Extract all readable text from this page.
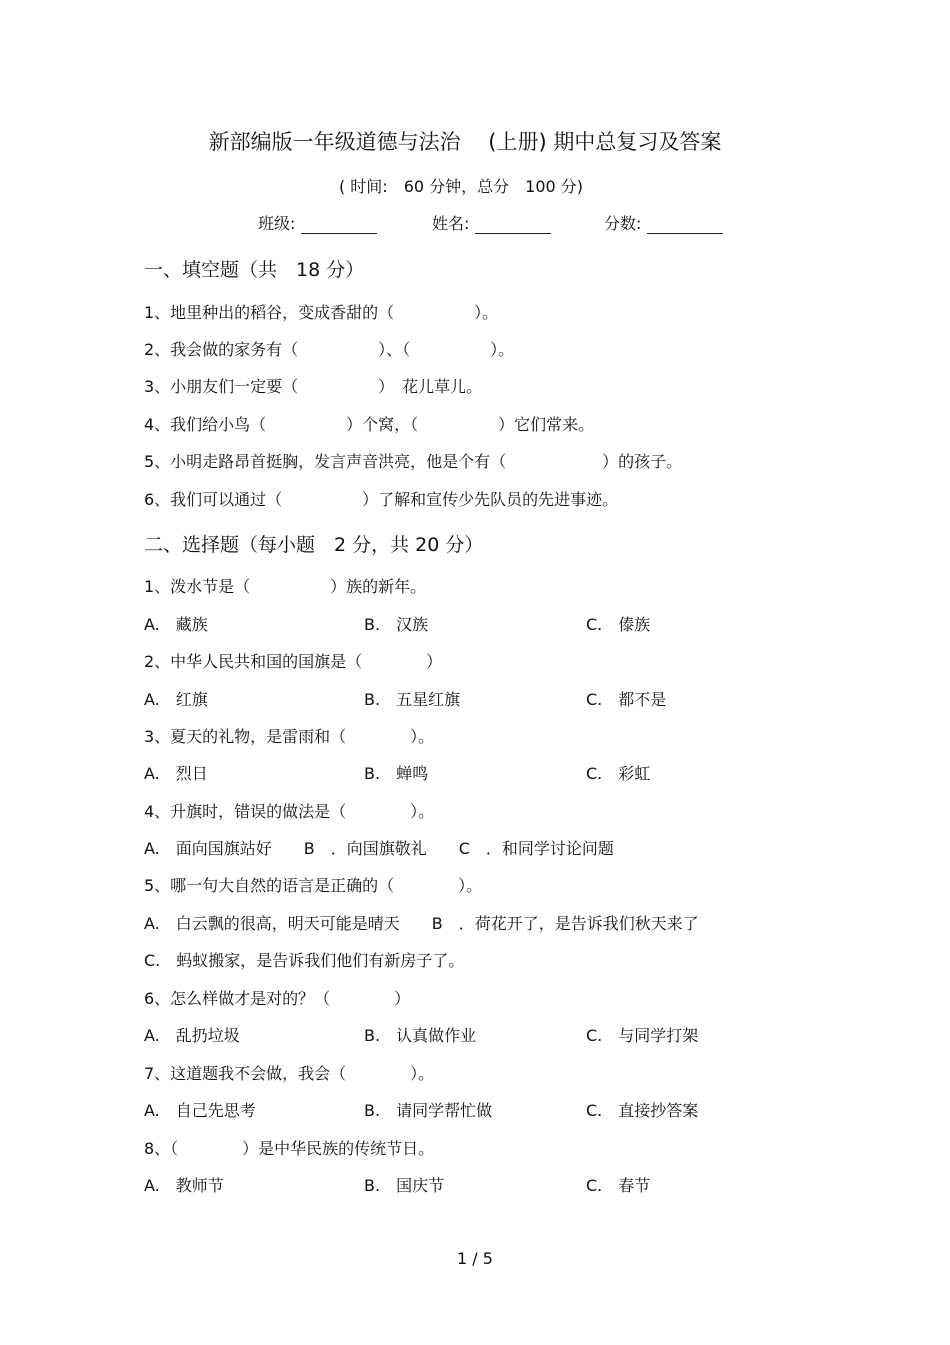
新部编版一年级道德与法治　 (上册) 期中总复习及答案
( 时间:　60 分钟，总分　100 分)
班级:	姓名:	分数:
一、填空题（共　18 分）
1、地里种出的稻谷，变成香甜的（　　　　　）。
2、我会做的家务有（　　　　　）、（　　　　　）。
3、小朋友们一定要（　　　　　）　花儿草儿。
4、我们给小鸟（　　　　　）个窝，（　　　　　）它们常来。
5、小明走路昂首挺胸，发言声音洪亮，他是个有（　　　　　　）的孩子。
6、我们可以通过（　　　　　）了解和宣传少先队员的先进事迹。
二、选择题（每小题　2 分，共 20 分）
1、泼水节是（　　　　　）族的新年。
A.　藏族	B.　汉族	C.　傣族
2、中华人民共和国的国旗是（　　　　）
A.　红旗	B.　五星红旗	C.　都不是
3、夏天的礼物，是雷雨和（　　　　）。
A.　烈日	B.　蝉鸣	C.　彩虹
4、升旗时，错误的做法是（　　　　）。
A.　面向国旗站好　　B　．向国旗敬礼　　C　．和同学讨论问题
5、哪一句大自然的语言是正确的（　　　　）。
A.　白云飘的很高，明天可能是晴天　　B　．荷花开了，是告诉我们秋天来了
C.　蚂蚁搬家，是告诉我们他们有新房子了。
6、怎么样做才是对的？（　　　　）
A.　乱扔垃圾	B.　认真做作业	C.　与同学打架
7、这道题我不会做，我会（　　　　）。
A.　自己先思考	B.　请同学帮忙做	C.　直接抄答案
8、（　　　　）是中华民族的传统节日。
A.　教师节	B.　国庆节	C.　春节
1 / 5
